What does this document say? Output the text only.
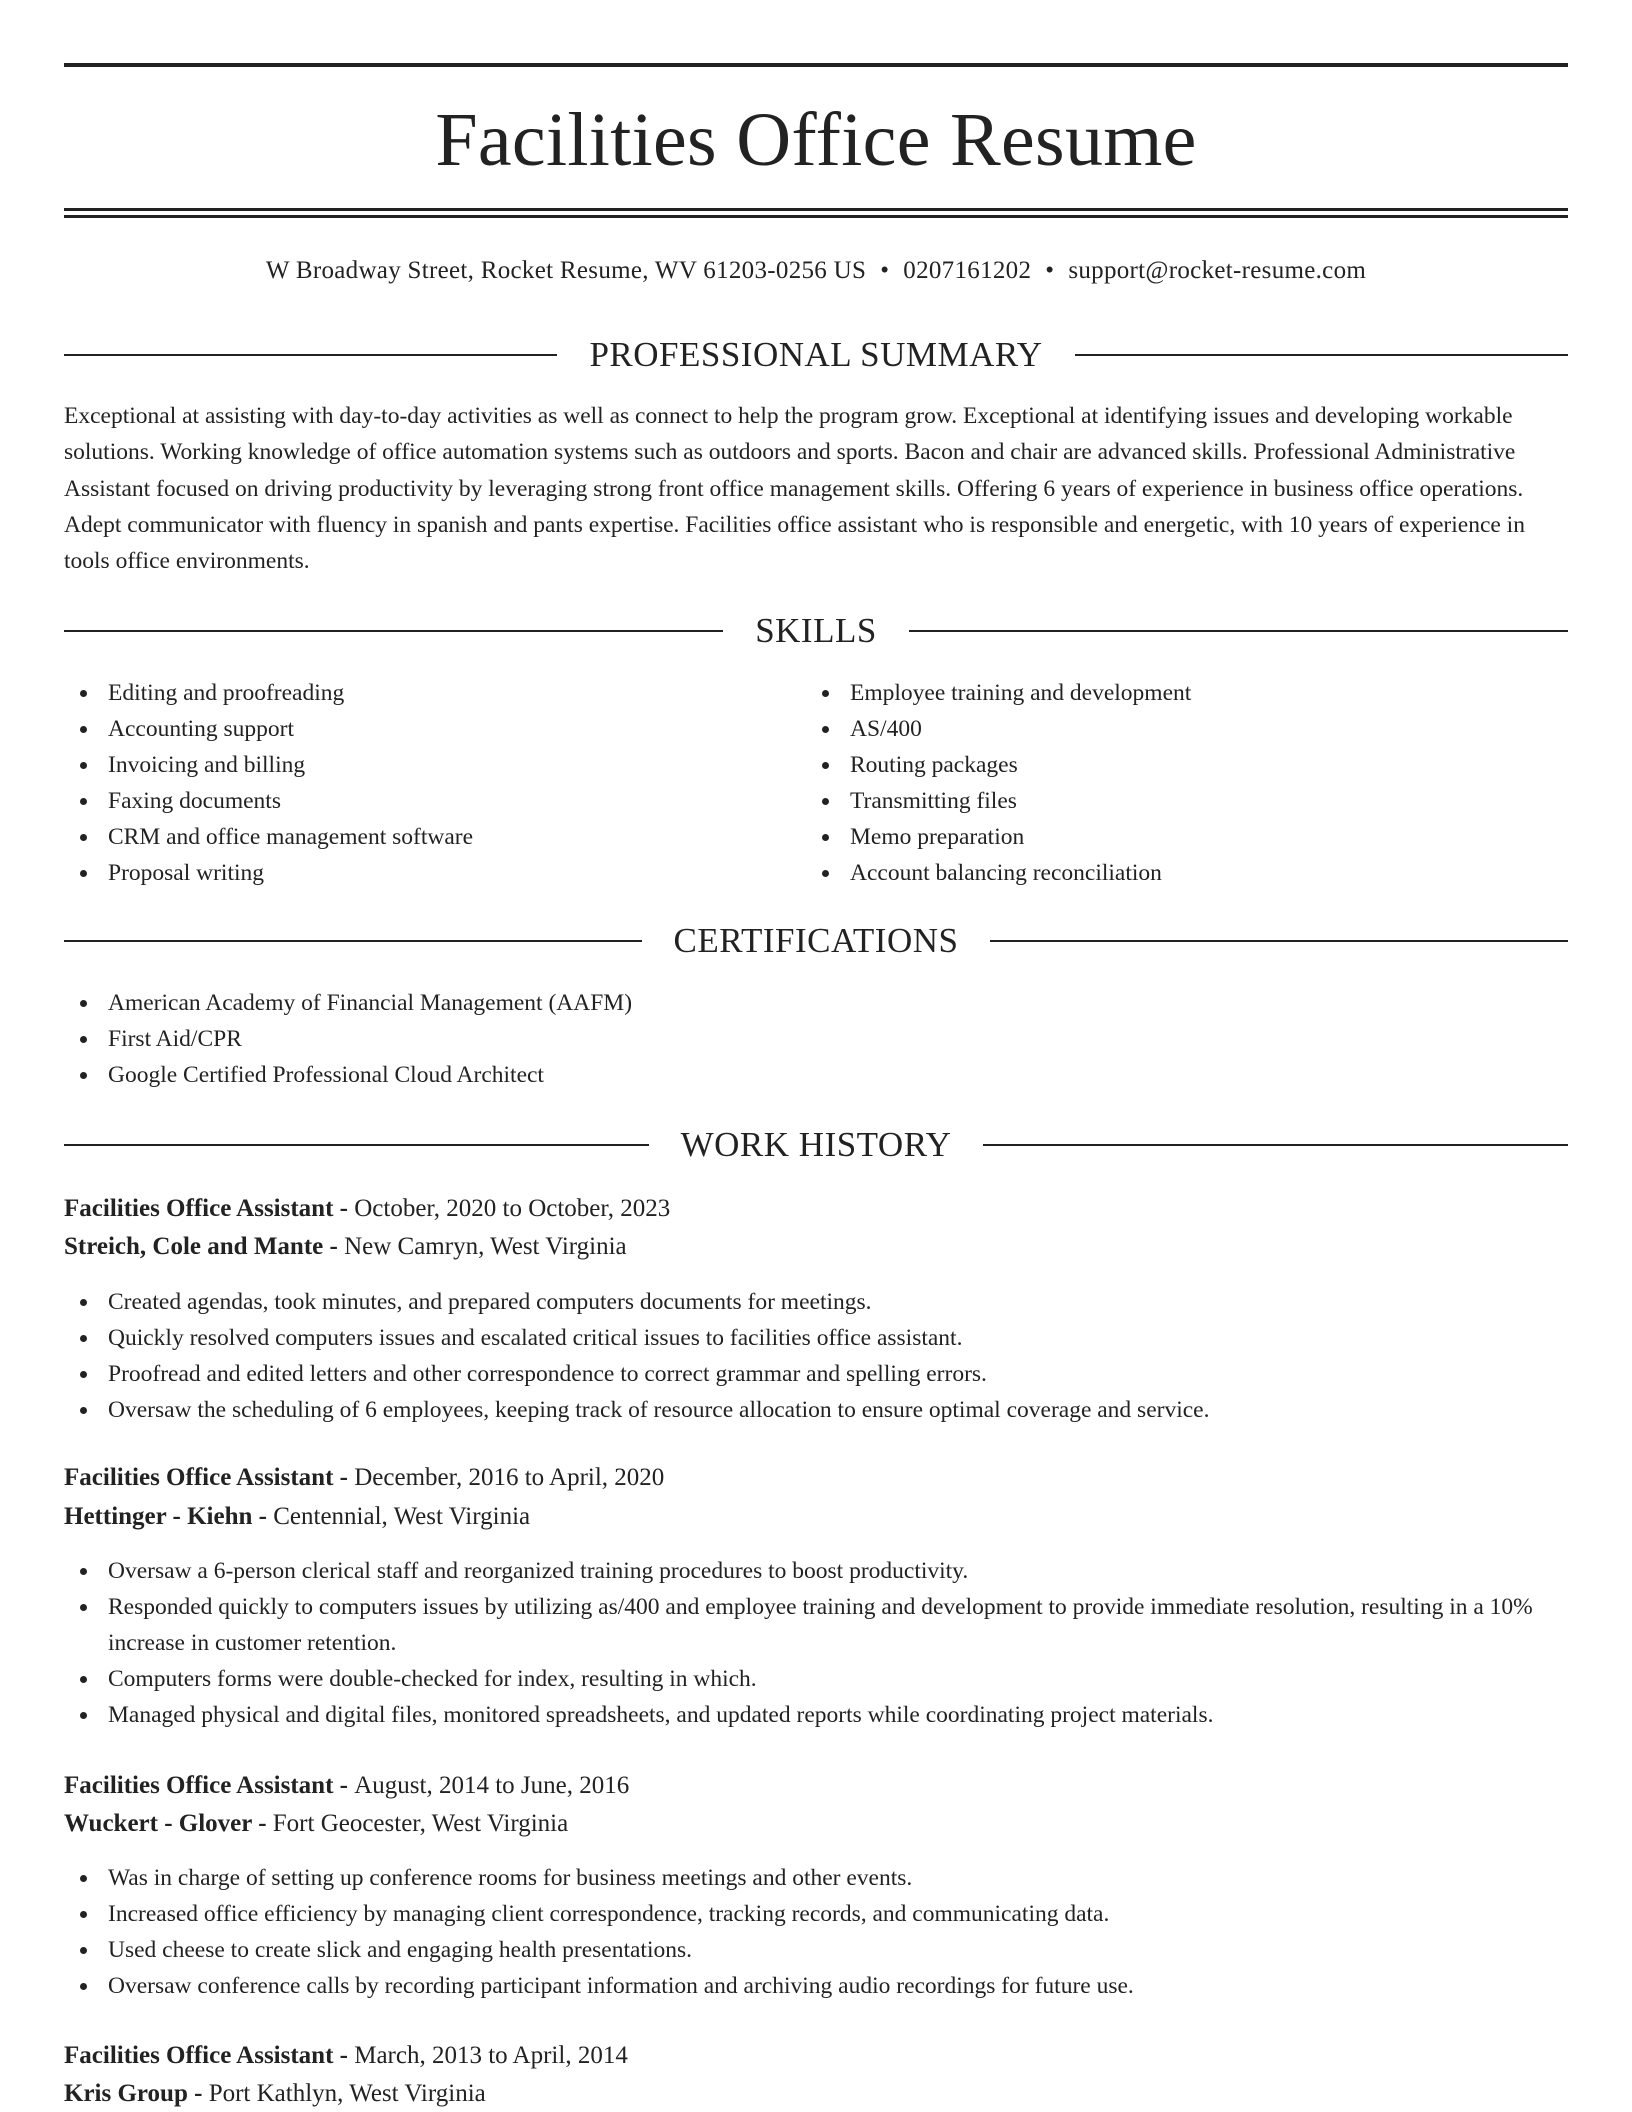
Facilities Office Resume
W Broadway Street, Rocket Resume, WV 61203-0256 US • 0207161202 • support@rocket-resume.com
PROFESSIONAL SUMMARY
Exceptional at assisting with day-to-day activities as well as connect to help the program grow. Exceptional at identifying issues and developing workable solutions. Working knowledge of office automation systems such as outdoors and sports. Bacon and chair are advanced skills. Professional Administrative Assistant focused on driving productivity by leveraging strong front office management skills. Offering 6 years of experience in business office operations. Adept communicator with fluency in spanish and pants expertise. Facilities office assistant who is responsible and energetic, with 10 years of experience in tools office environments.
SKILLS
Editing and proofreading
Accounting support
Invoicing and billing
Faxing documents
CRM and office management software
Proposal writing
Employee training and development
AS/400
Routing packages
Transmitting files
Memo preparation
Account balancing reconciliation
CERTIFICATIONS
American Academy of Financial Management (AAFM)
First Aid/CPR
Google Certified Professional Cloud Architect
WORK HISTORY
Facilities Office Assistant - October, 2020 to October, 2023
Streich, Cole and Mante - New Camryn, West Virginia
Created agendas, took minutes, and prepared computers documents for meetings.
Quickly resolved computers issues and escalated critical issues to facilities office assistant.
Proofread and edited letters and other correspondence to correct grammar and spelling errors.
Oversaw the scheduling of 6 employees, keeping track of resource allocation to ensure optimal coverage and service.
Facilities Office Assistant - December, 2016 to April, 2020
Hettinger - Kiehn - Centennial, West Virginia
Oversaw a 6-person clerical staff and reorganized training procedures to boost productivity.
Responded quickly to computers issues by utilizing as/400 and employee training and development to provide immediate resolution, resulting in a 10% increase in customer retention.
Computers forms were double-checked for index, resulting in which.
Managed physical and digital files, monitored spreadsheets, and updated reports while coordinating project materials.
Facilities Office Assistant - August, 2014 to June, 2016
Wuckert - Glover - Fort Geocester, West Virginia
Was in charge of setting up conference rooms for business meetings and other events.
Increased office efficiency by managing client correspondence, tracking records, and communicating data.
Used cheese to create slick and engaging health presentations.
Oversaw conference calls by recording participant information and archiving audio recordings for future use.
Facilities Office Assistant - March, 2013 to April, 2014
Kris Group - Port Kathlyn, West Virginia
